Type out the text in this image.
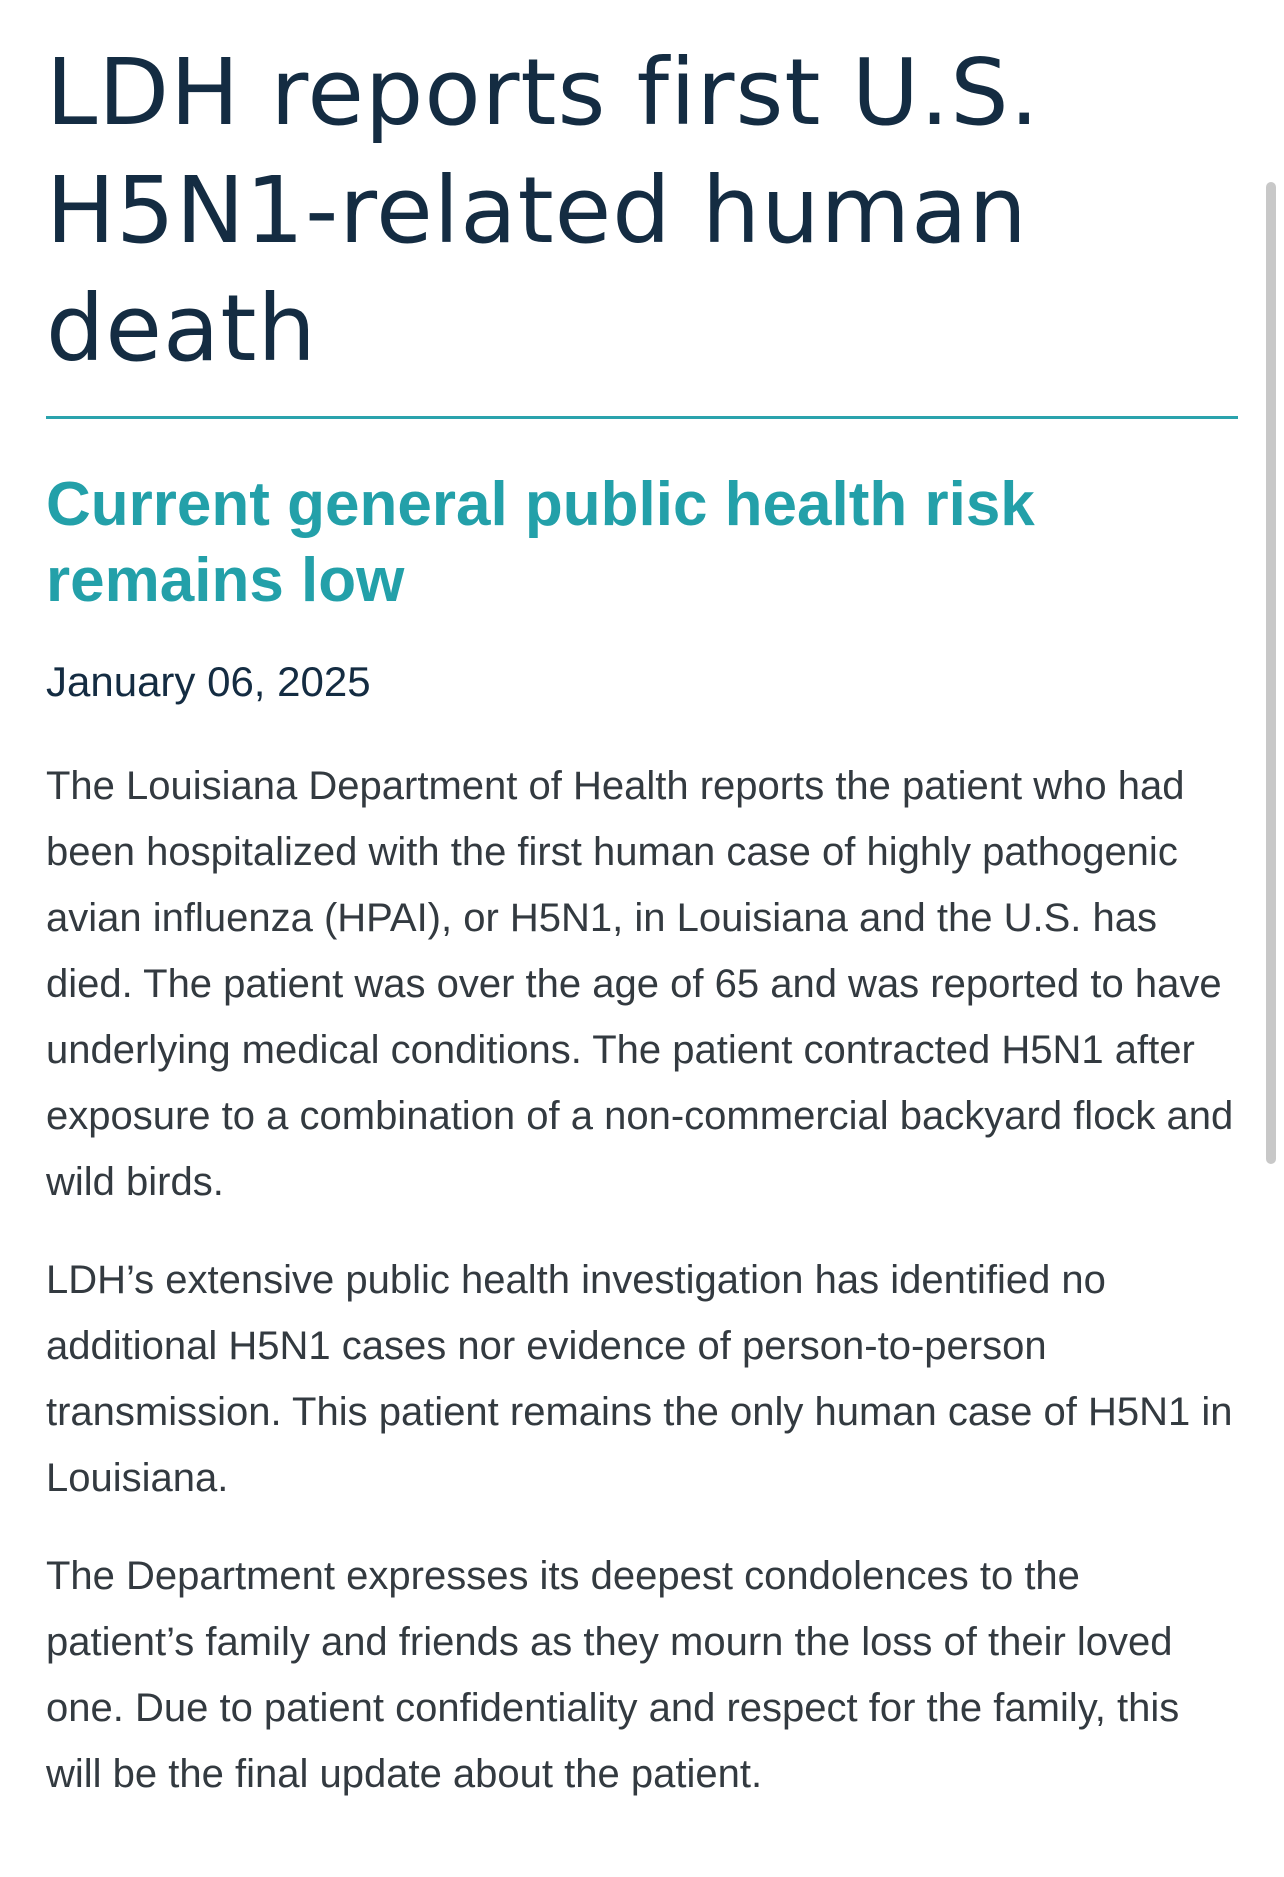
LDH reports first U.S. H5N1-related human death
Current general public health risk remains low
January 06, 2025

The Louisiana Department of Health reports the patient who had been hospitalized with the first human case of highly pathogenic avian influenza (HPAI), or H5N1, in Louisiana and the U.S. has died. The patient was over the age of 65 and was reported to have underlying medical conditions. The patient contracted H5N1 after exposure to a combination of a non-commercial backyard flock and wild birds.

LDH’s extensive public health investigation has identified no additional H5N1 cases nor evidence of person-to-person transmission. This patient remains the only human case of H5N1 in Louisiana.

The Department expresses its deepest condolences to the patient’s family and friends as they mourn the loss of their loved one. Due to patient confidentiality and respect for the family, this will be the final update about the patient.
